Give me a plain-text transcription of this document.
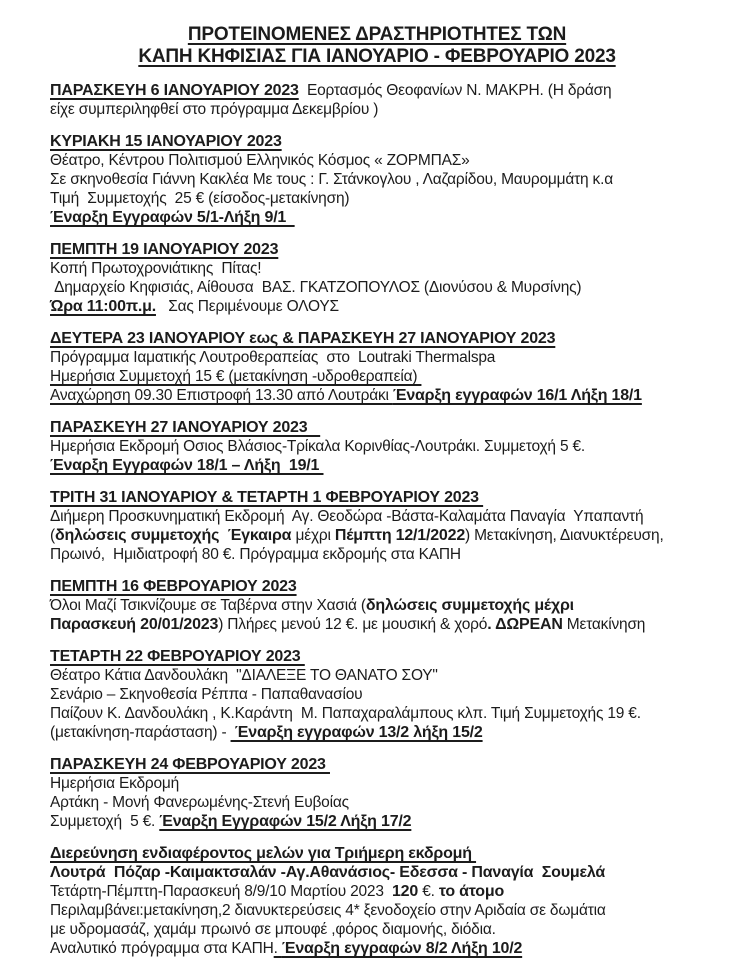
ΠΡΟΤΕΙΝΟΜΕΝΕΣ ΔΡΑΣΤΗΡΙΟΤΗΤΕΣ ΤΩΝ
ΚΑΠΗ ΚΗΦΙΣΙΑΣ ΓΙΑ ΙΑΝΟΥΑΡΙΟ - ΦΕΒΡΟΥΑΡΙΟ 2023
ΠΑΡΑΣΚΕΥΗ 6 ΙΑΝΟΥΑΡΙΟΥ 2023  Εορτασμός Θεοφανίων Ν. ΜΑΚΡΗ. (Η δράση
είχε συμπεριληφθεί στο πρόγραμμα Δεκεμβρίου )
ΚΥΡΙΑΚΗ 15 ΙΑΝΟΥΑΡΙΟΥ 2023
Θέατρο, Κέντρου Πολιτισμού Ελληνικός Κόσμος « ΖΟΡΜΠΑΣ»
Σε σκηνοθεσία Γιάννη Κακλέα Με τους : Γ. Στάνκογλου , Λαζαρίδου, Μαυρομμάτη κ.α
Τιμή  Συμμετοχής  25 € (είσοδος-μετακίνηση)
Έναρξη Εγγραφών 5/1-Λήξη 9/1
ΠΕΜΠΤΗ 19 ΙΑΝΟΥΑΡΙΟΥ 2023
Κοπή Πρωτοχρονιάτικης  Πίτας!
Δημαρχείο Κηφισιάς, Αίθουσα  ΒΑΣ. ΓΚΑΤΖΟΠΟΥΛΟΣ (Διονύσου & Μυρσίνης)
Ώρα 11:00π.μ.   Σας Περιμένουμε ΟΛΟΥΣ
ΔΕΥΤΕΡΑ 23 ΙΑΝΟΥΑΡΙΟΥ εως & ΠΑΡΑΣΚΕΥΗ 27 ΙΑΝΟΥΑΡΙΟΥ 2023
Πρόγραμμα Ιαματικής Λουτροθεραπείας  στο  Loutraki Thermalspa
Ημερήσια Συμμετοχή 15 € (μετακίνηση -υδροθεραπεία)
Αναχώρηση 09.30 Επιστροφή 13.30 από Λουτράκι Έναρξη εγγραφών 16/1 Λήξη 18/1
ΠΑΡΑΣΚΕΥΗ 27 ΙΑΝΟΥΑΡΙΟΥ 2023
Ημερήσια Εκδρομή Οσιος Βλάσιος-Τρίκαλα Κορινθίας-Λουτράκι. Συμμετοχή 5 €.
Έναρξη Εγγραφών 18/1 – Λήξη  19/1
ΤΡΙΤΗ 31 ΙΑΝΟΥΑΡΙΟΥ & ΤΕΤΑΡΤΗ 1 ΦΕΒΡΟΥΑΡΙΟΥ 2023
Διήμερη Προσκυνηματική Εκδρομή  Αγ. Θεοδώρα -Βάστα-Καλαμάτα Παναγία  Υπαπαντή
(δηλώσεις συμμετοχής  Έγκαιρα μέχρι Πέμπτη 12/1/2022) Μετακίνηση, Διανυκτέρευση,
Πρωινό,  Ημιδιατροφή 80 €. Πρόγραμμα εκδρομής στα ΚΑΠΗ
ΠΕΜΠΤΗ 16 ΦΕΒΡΟΥΑΡΙΟΥ 2023
Όλοι Μαζί Τσικνίζουμε σε Ταβέρνα στην Χασιά (δηλώσεις συμμετοχής μέχρι
Παρασκευή 20/01/2023) Πλήρες μενού 12 €. με μουσική & χορό. ΔΩΡΕΑΝ Μετακίνηση
ΤΕΤΑΡΤΗ 22 ΦΕΒΡΟΥΑΡΙΟΥ 2023
Θέατρο Κάτια Δανδουλάκη  "ΔΙΑΛΕΞΕ ΤΟ ΘΑΝΑΤΟ ΣΟΥ"
Σενάριο – Σκηνοθεσία Ρέππα - Παπαθανασίου
Παίζουν Κ. Δανδουλάκη , Κ.Καράντη  Μ. Παπαχαραλάμπους κλπ. Τιμή Συμμετοχής 19 €.
(μετακίνηση-παράσταση) -  Έναρξη εγγραφών 13/2 λήξη 15/2
ΠΑΡΑΣΚΕΥΗ 24 ΦΕΒΡΟΥΑΡΙΟΥ 2023
Ημερήσια Εκδρομή
Αρτάκη - Μονή Φανερωμένης-Στενή Ευβοίας
Συμμετοχή  5 €. Έναρξη Εγγραφών 15/2 Λήξη 17/2
Διερεύνηση ενδιαφέροντος μελών για Τριήμερη εκδρομή
Λουτρά  Πόζαρ -Καιμακτσαλάν -Αγ.Αθανάσιος- Εδεσσα - Παναγία  Σουμελά
Τετάρτη-Πέμπτη-Παρασκευή 8/9/10 Μαρτίου 2023  120 €. το άτομο
Περιλαμβάνει:μετακίνηση,2 διανυκτερεύσεις 4* ξενοδοχείο στην Αριδαία σε δωμάτια
με υδρομασάζ, χαμάμ πρωινό σε μπουφέ ,φόρος διαμονής, διόδια.
Αναλυτικό πρόγραμμα στα ΚΑΠΗ. Έναρξη εγγραφών 8/2 Λήξη 10/2
